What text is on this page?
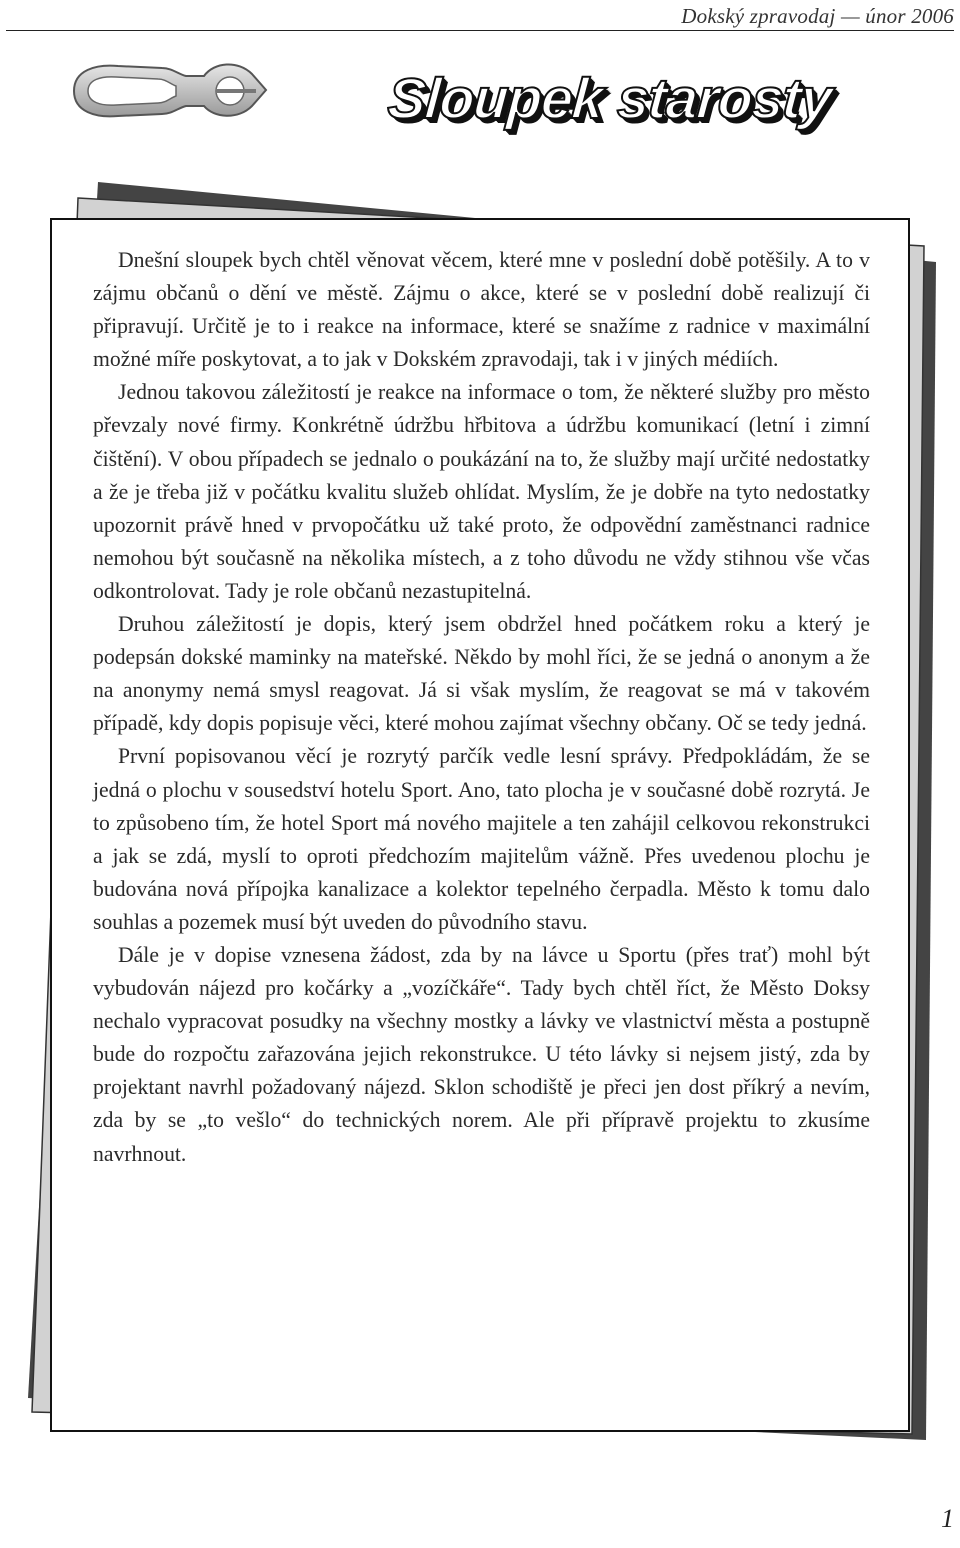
Dokský zpravodaj — únor 2006
Sloupek starosty

Dnešní sloupek bych chtěl věnovat věcem, které mne v poslední době potěšily. A to v zájmu občanů o dění ve městě. Zájmu o akce, které se v poslední době realizují či připravují. Určitě je to i reakce na informace, které se snažíme z radnice v maximální možné míře poskytovat, a to jak v Dokském zpravodaji, tak i v jiných médiích.

Jednou takovou záležitostí je reakce na informace o tom, že některé služby pro město převzaly nové firmy. Konkrétně údržbu hřbitova a údržbu komunikací (letní i zimní čištění). V obou případech se jednalo o poukázání na to, že služby mají určité nedostatky a že je třeba již v počátku kvalitu služeb ohlídat. Myslím, že je dobře na tyto nedostatky upozornit právě hned v prvopočátku už také proto, že odpovědní zaměstnanci radnice nemohou být současně na několika místech, a z toho důvodu ne vždy stihnou vše včas odkontrolovat. Tady je role občanů nezastupitelná.

Druhou záležitostí je dopis, který jsem obdržel hned počátkem roku a který je podepsán dokské maminky na mateřské. Někdo by mohl říci, že se jedná o anonym a že na anonymy nemá smysl reagovat. Já si však myslím, že reagovat se má v takovém případě, kdy dopis popisuje věci, které mohou zajímat všechny občany. Oč se tedy jedná.

První popisovanou věcí je rozrytý parčík vedle lesní správy. Předpokládám, že se jedná o plochu v sousedství hotelu Sport. Ano, tato plocha je v současné době rozrytá. Je to způsobeno tím, že hotel Sport má nového majitele a ten zahájil celkovou rekonstrukci a jak se zdá, myslí to oproti předchozím majitelům vážně. Přes uvedenou plochu je budována nová přípojka kanalizace a kolektor tepelného čerpadla. Město k tomu dalo souhlas a pozemek musí být uveden do původního stavu.

Dále je v dopise vznesena žádost, zda by na lávce u Sportu (přes trať) mohl být vybudován nájezd pro kočárky a „vozíčkáře“. Tady bych chtěl říct, že Město Doksy nechalo vypracovat posudky na všechny mostky a lávky ve vlastnictví města a postupně bude do rozpočtu zařazována jejich rekonstrukce. U této lávky si nejsem jistý, zda by projektant navrhl požadovaný nájezd. Sklon schodiště je přeci jen dost příkrý a nevím, zda by se „to vešlo“ do technických norem. Ale při přípravě projektu to zkusíme navrhnout.

1
